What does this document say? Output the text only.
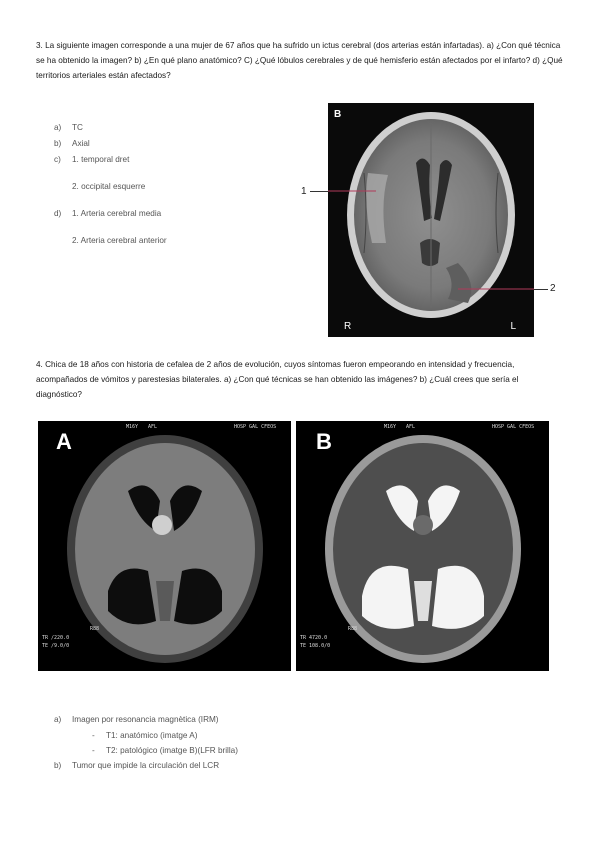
3. La siguiente imagen corresponde a una mujer de 67 años que ha sufrido un ictus cerebral (dos arterias están infartadas). a) ¿Con qué técnica se ha obtenido la imagen? b) ¿En qué plano anatómico? C) ¿Qué lóbulos cerebrales y de qué hemisferio están afectados por el infarto? d) ¿Qué territorios arteriales están afectados?
a)	TC
b)	Axial
c)	1. temporal dret
2. occipital esquerre
d)	1. Arteria cerebral media
2. Arteria cerebral anterior
B
R	L
1
2
4. Chica de 18 años con historia de cefalea de 2 años de evolución, cuyos síntomas fueron empeorando en intensidad y frecuencia, acompañados de vómitos y parestesias bilaterales. a) ¿Con qué técnicas se han obtenido las imágenes? b) ¿Cuál crees que sería el diagnóstico?
A
M16Y AFL	HOSP GAL CFEOS
TR /220.0
TE /9.0/0
R88
B
M16Y AFL	HOSP GAL CFEOS
TR 4720.0
TE 108.0/0
R88
a)	Imagen por resonancia magnètica (IRM)
-	T1: anatómico (imatge A)
-	T2: patológico (imatge B)(LFR brilla)
b)	Tumor que impide la circulación del LCR
